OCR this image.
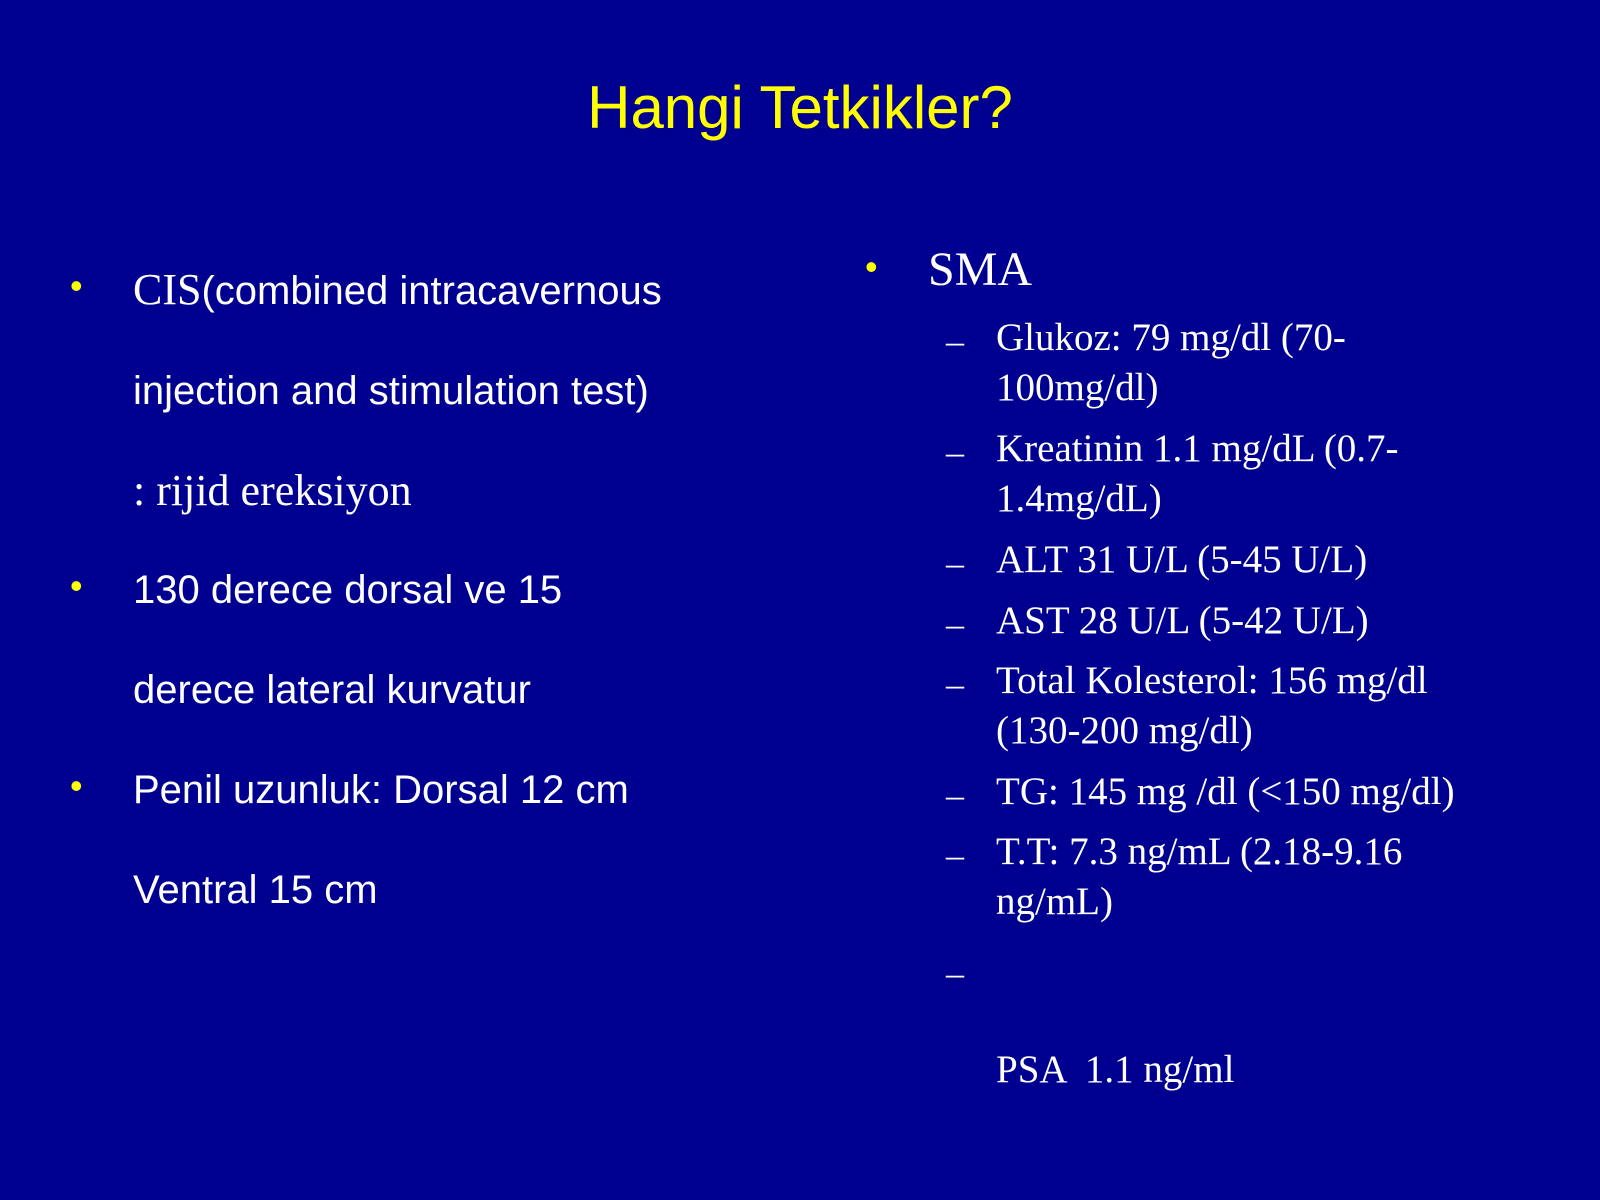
Hangi Tetkikler?
• CIS(combined intracavernous
injection and stimulation test)
: rijid ereksiyon
• 130 derece dorsal ve 15
derece lateral kurvatur
• Penil uzunluk: Dorsal 12 cm
Ventral 15 cm
• SMA
– Glukoz: 79 mg/dl (70-
100mg/dl)
– Kreatinin 1.1 mg/dL (0.7-
1.4mg/dL)
– ALT 31 U/L (5-45 U/L)
– AST 28 U/L (5-42 U/L)
– Total Kolesterol: 156 mg/dl
(130-200 mg/dl)
– TG: 145 mg /dl (<150 mg/dl)
– T.T: 7.3 ng/mL (2.18-9.16
ng/mL)
–

PSA  1.1 ng/ml
